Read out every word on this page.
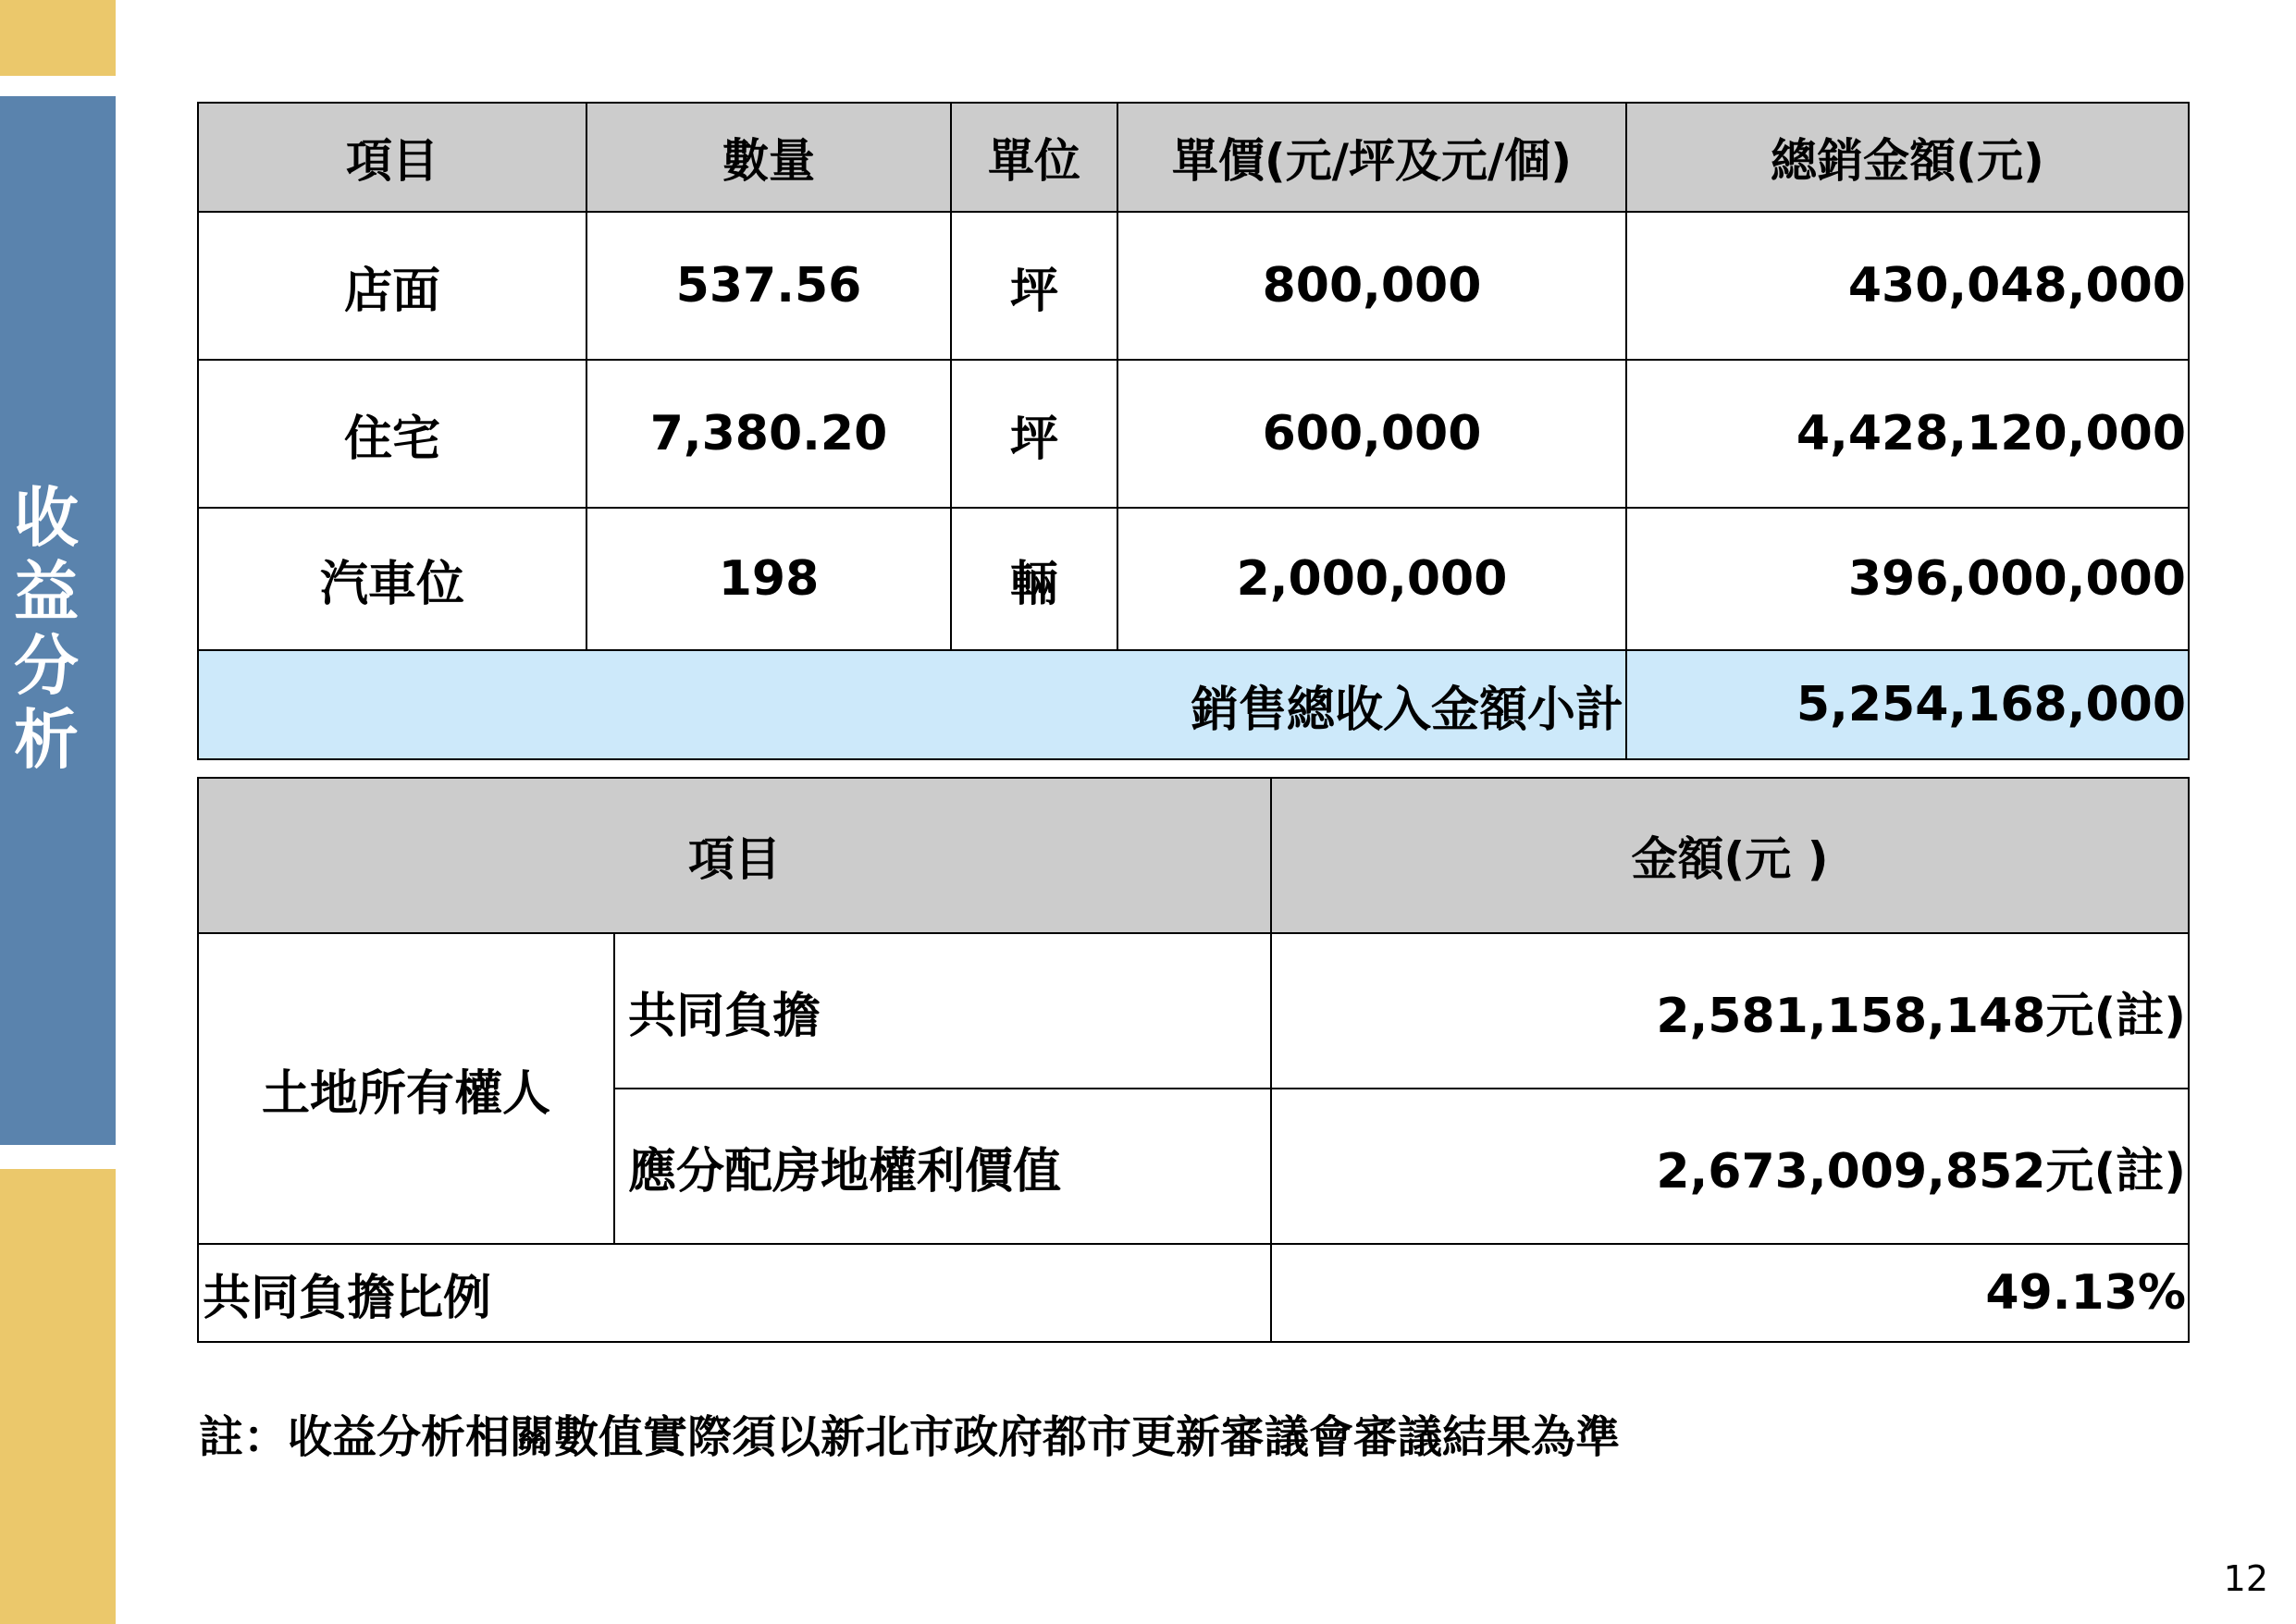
收
益
分
析
項目	數量	單位	單價(元/坪及元/個)	總銷金額(元)
店面	537.56	坪	800,000	430,048,000
住宅	7,380.20	坪	600,000	4,428,120,000
汽車位	198	輛	2,000,000	396,000,000
銷售總收入金額小計				5,254,168,000
項目		金額(元 )
土地所有權人	共同負擔	2,581,158,148元(註)
	應分配房地權利價值	2,673,009,852元(註)
共同負擔比例		49.13%
註：收益分析相關數值實際須以新北市政府都市更新審議會審議結果為準
12
